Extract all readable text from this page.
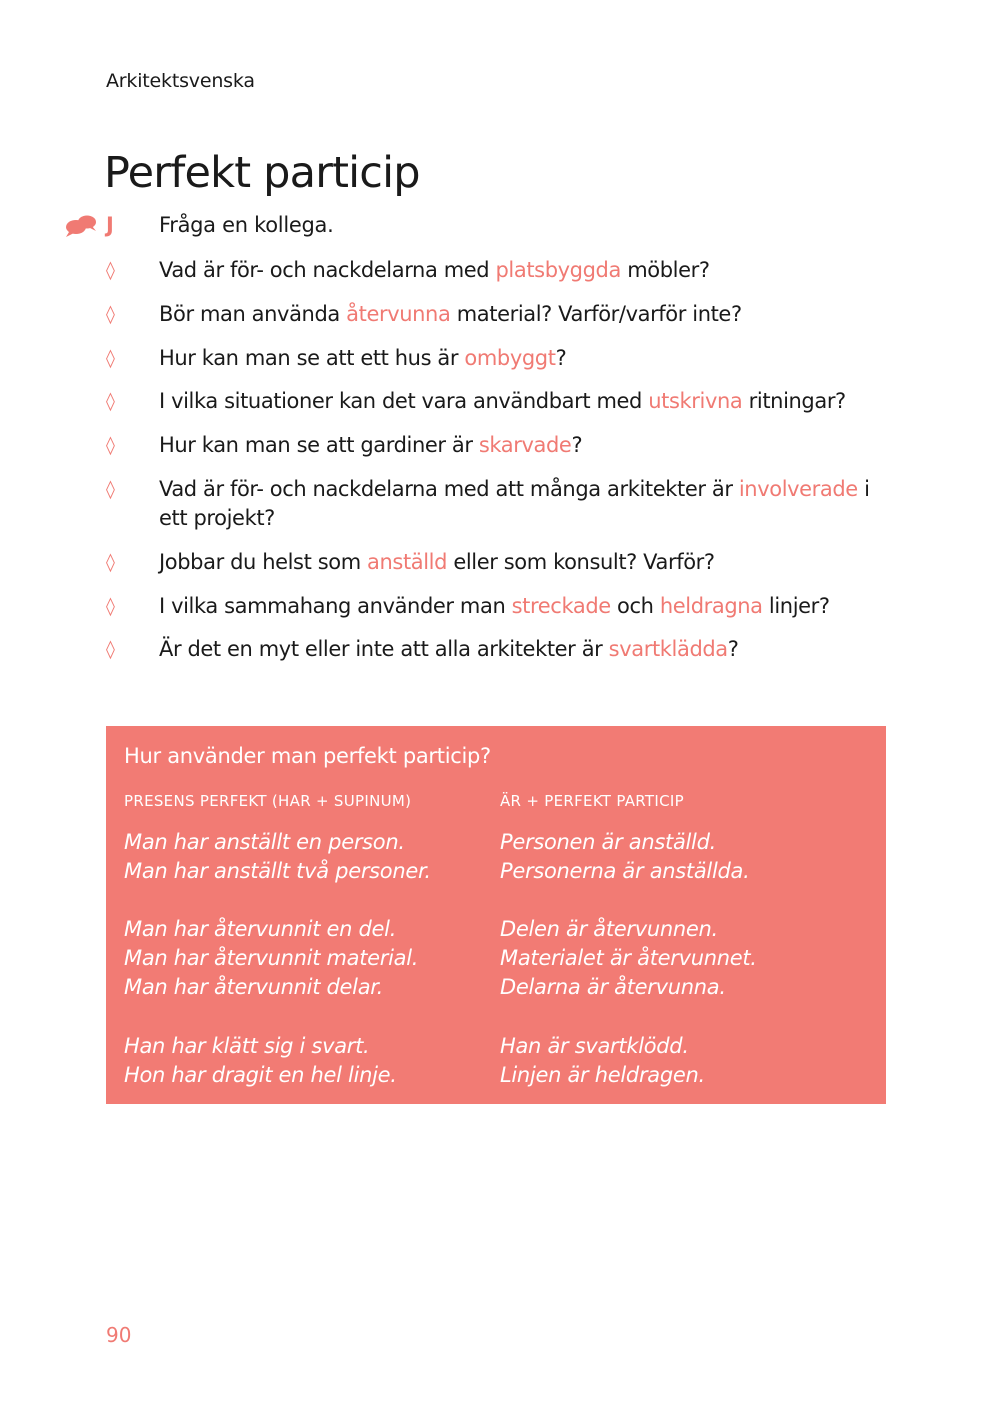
Arkitektsvenska
Perfekt particip
J Fråga en kollega.
◊ Vad är för- och nackdelarna med platsbyggda möbler?
◊ Bör man använda återvunna material? Varför/varför inte?
◊ Hur kan man se att ett hus är ombyggt?
◊ I vilka situationer kan det vara användbart med utskrivna ritningar?
◊ Hur kan man se att gardiner är skarvade?
◊ Vad är för- och nackdelarna med att många arkitekter är involverade i ett projekt?
◊ Jobbar du helst som anställd eller som konsult? Varför?
◊ I vilka sammahang använder man streckade och heldragna linjer?
◊ Är det en myt eller inte att alla arkitekter är svartklädda?
Hur använder man perfekt particip?
PRESENS PERFEKT (HAR + SUPINUM)	ÄR + PERFEKT PARTICIP
Man har anställt en person.
Man har anställt två personer.
Man har återvunnit en del.
Man har återvunnit material.
Man har återvunnit delar.
Han har klätt sig i svart.
Hon har dragit en hel linje.
Personen är anställd.
Personerna är anställda.
Delen är återvunnen.
Materialet är återvunnet.
Delarna är återvunna.
Han är svartklödd.
Linjen är heldragen.
90
